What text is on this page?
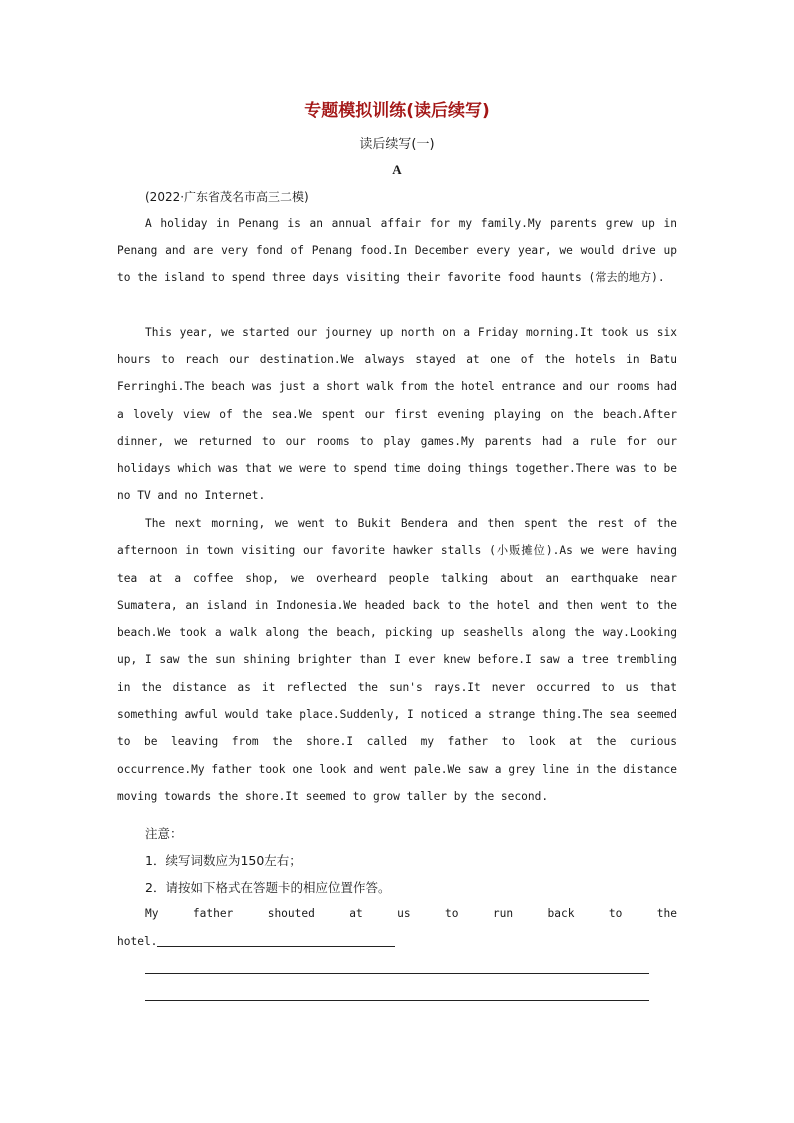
专题模拟训练(读后续写)
读后续写(一)
A
(2022·广东省茂名市高三二模)

A holiday in Penang is an annual affair for my family.My parents grew up in Penang and are very fond of Penang food.In December every year, we would drive up to the island to spend three days visiting their favorite food haunts (常去的地方).

This year, we started our journey up north on a Friday morning.It took us six hours to reach our destination.We always stayed at one of the hotels in Batu Ferringhi.The beach was just a short walk from the hotel entrance and our rooms had a lovely view of the sea.We spent our first evening playing on the beach.After dinner, we returned to our rooms to play games.My parents had a rule for our holidays which was that we were to spend time doing things together.There was to be no TV and no Internet.

The next morning, we went to Bukit Bendera and then spent the rest of the afternoon in town visiting our favorite hawker stalls (小贩摊位).As we were having tea at a coffee shop, we overheard people talking about an earthquake near Sumatera, an island in Indonesia.We headed back to the hotel and then went to the beach.We took a walk along the beach, picking up seashells along the way.Looking up, I saw the sun shining brighter than I ever knew before.I saw a tree trembling in the distance as it reflected the sun's rays.It never occurred to us that something awful would take place.Suddenly, I noticed a strange thing.The sea seemed to be leaving from the shore.I called my father to look at the curious occurrence.My father took one look and went pale.We saw a grey line in the distance moving towards the shore.It seemed to grow taller by the second.

注意：
1．续写词数应为150左右；
2．请按如下格式在答题卡的相应位置作答。
My father shouted at us to run back to the
hotel.
